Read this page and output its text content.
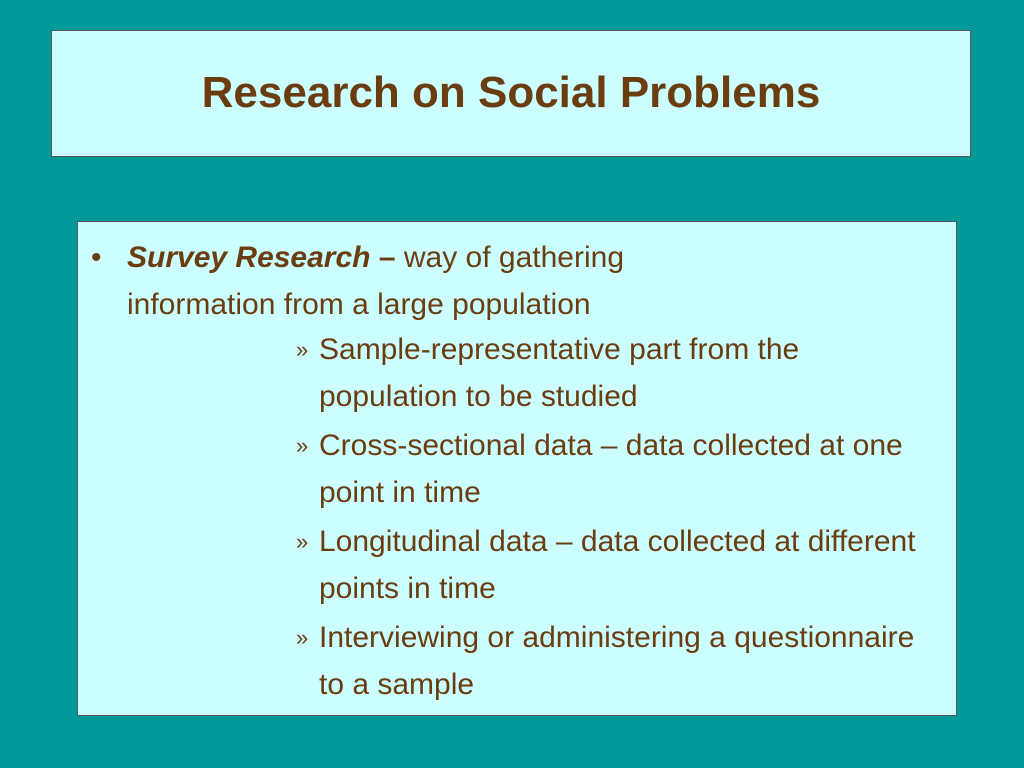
Research on Social Problems
• Survey Research – way of gathering information from a large population
» Sample-representative part from the population to be studied
» Cross-sectional data – data collected at one point in time
» Longitudinal data – data collected at different points in time
» Interviewing or administering a questionnaire to a sample
